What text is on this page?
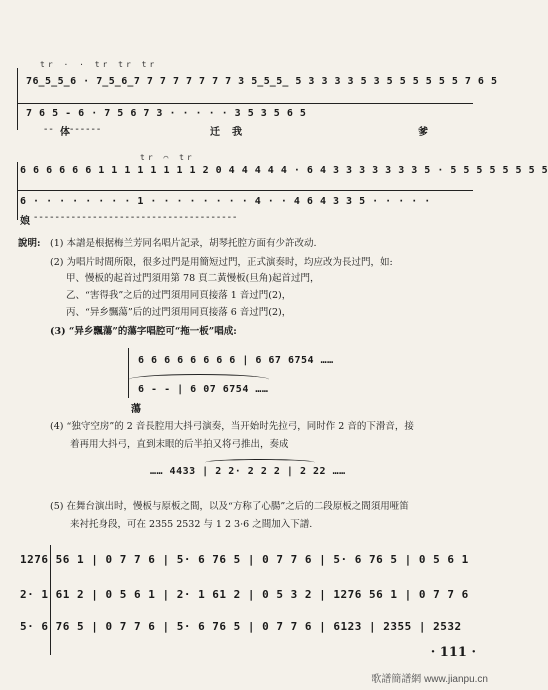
tr · · tr tr tr
76̲5̲5̲6 · 7̲5̲6̲7 7 7 7 7 7 7 7 3 5̲5̲5̲ 5 3 3 3 3 5 3 5 5 5 5 5 5 7 6 5
7 6 5 - 6 · 7 5 6 7 3 · · · · · 3 5 3 5 6 5
体
-- ------	迁 我	爹
tr ⌒ tr
6 6 6 6 6 6 1 1 1 1 1 1 1 1 2 0 4 4 4 4 4 · 6 4 3 3 3 3 3 3 3 5 · 5 5 5 5 5 5 5 5
6 · · · · · · · · 1 · · · · · · · · 4 · · 4 6 4 3 3 5 · · · · ·
娘 --------------------------------------
說明: (1) 本譜是根据梅兰芳同名唱片記录，胡琴托腔方面有少許改动.
(2) 为唱片时間所限，很多过門是用簡短过門，正式演奏时，均应改为長过門，如:
甲、慢板的起首过門須用第 78 頁二黃慢板(旦角)起首过門，
乙、“害得我”之后的过門須用同頁接落 1 音过門(2)，
丙、“异乡飄蕩”后的过門須用同頁接落 6 音过門(2)，
(3) “异乡飄蕩”的蕩字唱腔可“拖一板”唱成:
6 6 6 6 6 6 6 6 | 6 67 6754 ……
6 - - | 6 07 6754 ……
蕩
(4) “独守空房”的 2 音長腔用大抖弓演奏，当开始时先拉弓，同时作 2 音的下滑音，接
着再用大抖弓，直到末眼的后半拍又将弓推出，奏成
…… 4433 | 2 2· 2 2 2 | 2 22 ……
(5) 在舞台演出时，慢板与原板之間，以及“方称了心腸”之后的二段原板之間須用哑笛
来衬托身段，可在 2355 2532 与 1 2 3·6 之間加入下譜.
1276 56 1 | 0 7 7 6 | 5· 6 76 5 | 0 7 7 6 | 5· 6 76 5 | 0 5 6 1
2· 1 61 2 | 0 5 6 1 | 2· 1 61 2 | 0 5 3 2 | 1276 56 1 | 0 7 7 6
5· 6 76 5 | 0 7 7 6 | 5· 6 76 5 | 0 7 7 6 | 6123 | 2355 | 2532
· 111 ·
歌譜簡譜網 www.jianpu.cn
